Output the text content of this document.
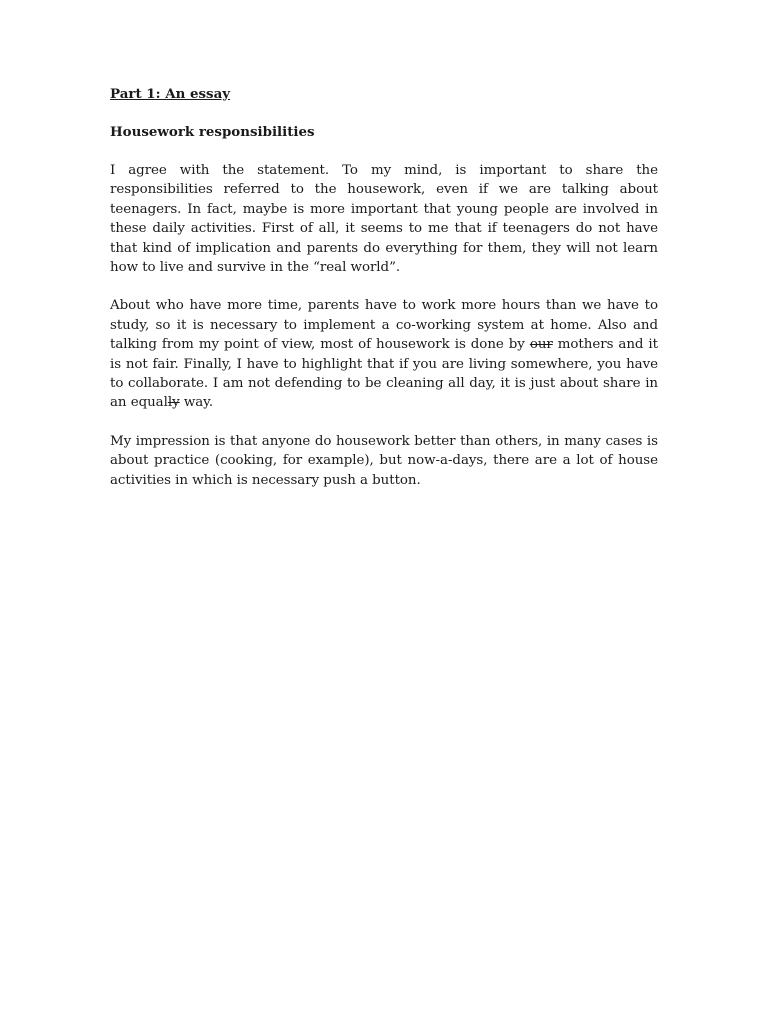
Part 1: An essay

Housework responsibilities

I agree with the statement. To my mind, is important to share the responsibilities referred to the housework, even if we are talking about teenagers. In fact, maybe is more important that young people are involved in these daily activities. First of all, it seems to me that if teenagers do not have that kind of implication and parents do everything for them, they will not learn how to live and survive in the “real world”.

About who have more time, parents have to work more hours than we have to study, so it is necessary to implement a co-working system at home. Also and talking from my point of view, most of housework is done by our mothers and it is not fair. Finally, I have to highlight that if you are living somewhere, you have to collaborate. I am not defending to be cleaning all day, it is just about share in an equally way.

My impression is that anyone do housework better than others, in many cases is about practice (cooking, for example), but now-a-days, there are a lot of house activities in which is necessary push a button.
